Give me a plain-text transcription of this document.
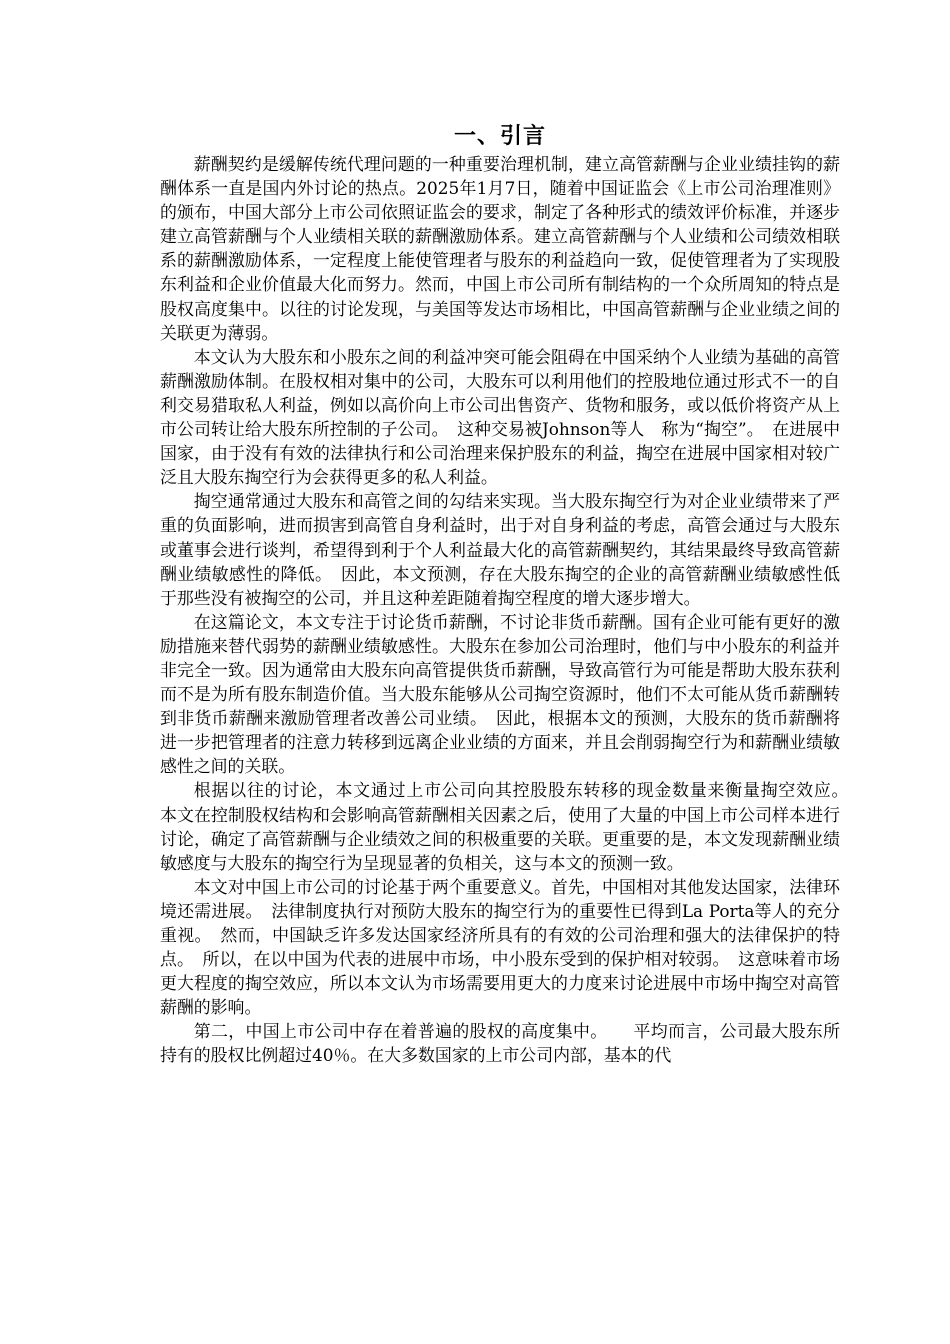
一、引言

薪酬契约是缓解传统代理问题的一种重要治理机制，建立高管薪酬与企业业绩挂钩的薪酬体系一直是国内外讨论的热点。2025年1月7日，随着中国证监会《上市公司治理准则》的颁布，中国大部分上市公司依照证监会的要求，制定了各种形式的绩效评价标准，并逐步建立高管薪酬与个人业绩相关联的薪酬激励体系。建立高管薪酬与个人业绩和公司绩效相联系的薪酬激励体系，一定程度上能使管理者与股东的利益趋向一致，促使管理者为了实现股东利益和企业价值最大化而努力。然而，中国上市公司所有制结构的一个众所周知的特点是股权高度集中。以往的讨论发现，与美国等发达市场相比，中国高管薪酬与企业业绩之间的关联更为薄弱。

本文认为大股东和小股东之间的利益冲突可能会阻碍在中国采纳个人业绩为基础的高管薪酬激励体制。在股权相对集中的公司，大股东可以利用他们的控股地位通过形式不一的自利交易猎取私人利益，例如以高价向上市公司出售资产、货物和服务，或以低价将资产从上市公司转让给大股东所控制的子公司。　这种交易被Johnson等人　称为“掏空”。　在进展中国家，由于没有有效的法律执行和公司治理来保护股东的利益，掏空在进展中国家相对较广泛且大股东掏空行为会获得更多的私人利益。

掏空通常通过大股东和高管之间的勾结来实现。当大股东掏空行为对企业业绩带来了严重的负面影响，进而损害到高管自身利益时，出于对自身利益的考虑，高管会通过与大股东或董事会进行谈判，希望得到利于个人利益最大化的高管薪酬契约，其结果最终导致高管薪酬业绩敏感性的降低。　因此，本文预测，存在大股东掏空的企业的高管薪酬业绩敏感性低于那些没有被掏空的公司，并且这种差距随着掏空程度的增大逐步增大。

在这篇论文，本文专注于讨论货币薪酬，不讨论非货币薪酬。国有企业可能有更好的激励措施来替代弱势的薪酬业绩敏感性。大股东在参加公司治理时，他们与中小股东的利益并非完全一致。因为通常由大股东向高管提供货币薪酬，导致高管行为可能是帮助大股东获利而不是为所有股东制造价值。当大股东能够从公司掏空资源时，他们不太可能从货币薪酬转到非货币薪酬来激励管理者改善公司业绩。　因此，根据本文的预测，大股东的货币薪酬将进一步把管理者的注意力转移到远离企业业绩的方面来，并且会削弱掏空行为和薪酬业绩敏感性之间的关联。

根据以往的讨论，本文通过上市公司向其控股股东转移的现金数量来衡量掏空效应。　本文在控制股权结构和会影响高管薪酬相关因素之后，使用了大量的中国上市公司样本进行讨论，确定了高管薪酬与企业绩效之间的积极重要的关联。更重要的是，本文发现薪酬业绩敏感度与大股东的掏空行为呈现显著的负相关，这与本文的预测一致。

本文对中国上市公司的讨论基于两个重要意义。首先，中国相对其他发达国家，法律环境还需进展。　法律制度执行对预防大股东的掏空行为的重要性已得到La Porta等人的充分重视。　然而，中国缺乏许多发达国家经济所具有的有效的公司治理和强大的法律保护的特点。　所以，在以中国为代表的进展中市场，中小股东受到的保护相对较弱。　这意味着市场更大程度的掏空效应，所以本文认为市场需要用更大的力度来讨论进展中市场中掏空对高管薪酬的影响。

第二，中国上市公司中存在着普遍的股权的高度集中。　　平均而言，公司最大股东所持有的股权比例超过40％。在大多数国家的上市公司内部，基本的代
